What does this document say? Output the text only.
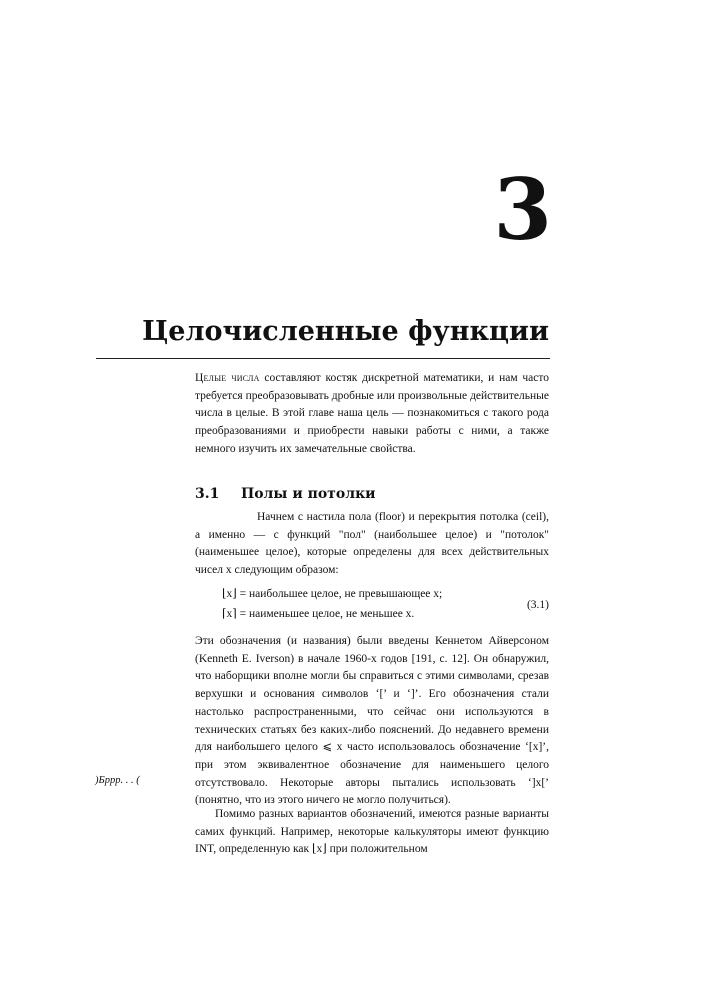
3
Целочисленные функции
Целые числа составляют костяк дискретной математики, и нам часто требуется преобразовывать дробные или произвольные действительные числа в целые. В этой главе наша цель — познакомиться с такого рода преобразованиями и приобрести навыки работы с ними, а также немного изучить их замечательные свойства.
3.1 Полы и потолки
Начнем с настила пола (floor) и перекрытия потолка (ceil), а именно — с функций "пол" (наибольшее целое) и "потолок" (наименьшее целое), которые определены для всех действительных чисел x следующим образом:
⌊x⌋ = наибольшее целое, не превышающее x;
⌈x⌉ = наименьшее целое, не меньшее x.
(3.1)
Эти обозначения (и названия) были введены Кеннетом Айверсоном (Kenneth E. Iverson) в начале 1960-х годов [191, с. 12]. Он обнаружил, что наборщики вполне могли бы справиться с этими символами, срезав верхушки и основания символов ‘[’ и ‘]’. Его обозначения стали настолько распространенными, что сейчас они используются в технических статьях без каких-либо пояснений. До недавнего времени для наибольшего целого ⩽ x часто использовалось обозначение ‘[x]’, при этом эквивалентное обозначение для наименьшего целого отсутствовало. Некоторые авторы пытались использовать ‘]x[’ (понятно, что из этого ничего не могло получиться).
)Бррр. . . (
Помимо разных вариантов обозначений, имеются разные варианты самих функций. Например, некоторые калькуляторы имеют функцию INT, определенную как ⌊x⌋ при положительном
